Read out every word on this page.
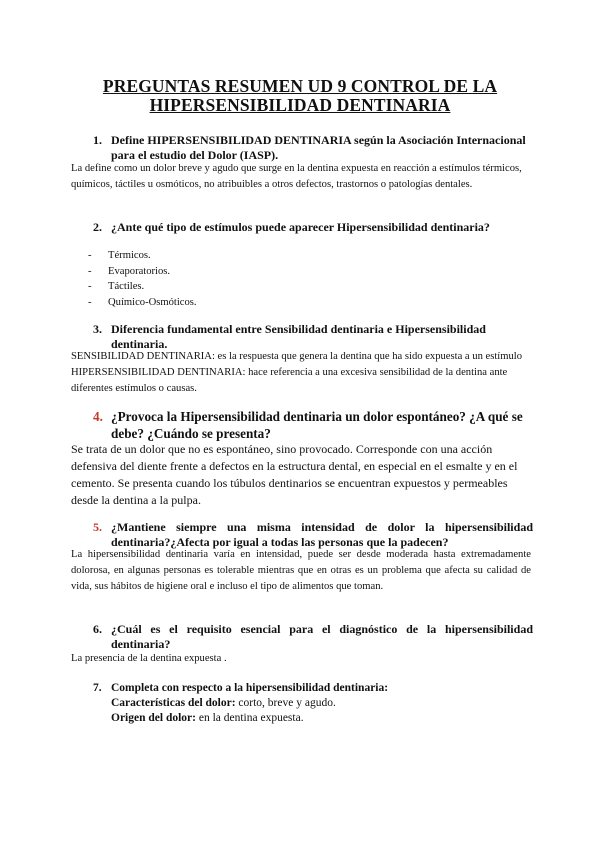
PREGUNTAS RESUMEN UD 9 CONTROL DE LA HIPERSENSIBILIDAD DENTINARIA
1. Define HIPERSENSIBILIDAD DENTINARIA según la Asociación Internacional para el estudio del Dolor (IASP).
La define como un dolor breve y agudo que surge en la dentina expuesta en reacción a estímulos térmicos, químicos, táctiles u osmóticos, no atribuibles a otros defectos, trastornos o patologías dentales.
2. ¿Ante qué tipo de estímulos puede aparecer Hipersensibilidad dentinaria?
- Térmicos.
- Evaporatorios.
- Táctiles.
- Químico-Osmóticos.
3. Diferencia fundamental entre Sensibilidad dentinaria e Hipersensibilidad dentinaria.
SENSIBILIDAD DENTINARIA: es la respuesta que genera la dentina que ha sido expuesta a un estímulo HIPERSENSIBILIDAD DENTINARIA: hace referencia a una excesiva sensibilidad de la dentina ante diferentes estímulos o causas.
4. ¿Provoca la Hipersensibilidad dentinaria un dolor espontáneo? ¿A qué se debe? ¿Cuándo se presenta?
Se trata de un dolor que no es espontáneo, sino provocado. Corresponde con una acción defensiva del diente frente a defectos en la estructura dental, en especial en el esmalte y en el cemento. Se presenta cuando los túbulos dentinarios se encuentran expuestos y permeables desde la dentina a la pulpa.
5. ¿Mantiene siempre una misma intensidad de dolor la hipersensibilidad dentinaria?¿Afecta por igual a todas las personas que la padecen?
La hipersensibilidad dentinaria varía en intensidad, puede ser desde moderada hasta extremadamente dolorosa, en algunas personas es tolerable mientras que en otras es un problema que afecta su calidad de vida, sus hábitos de higiene oral e incluso el tipo de alimentos que toman.
6. ¿Cuál es el requisito esencial para el diagnóstico de la hipersensibilidad dentinaria?
La presencia de la dentina expuesta .
7. Completa con respecto a la hipersensibilidad dentinaria:
Características del dolor: corto, breve y agudo.
Origen del dolor: en la dentina expuesta.
